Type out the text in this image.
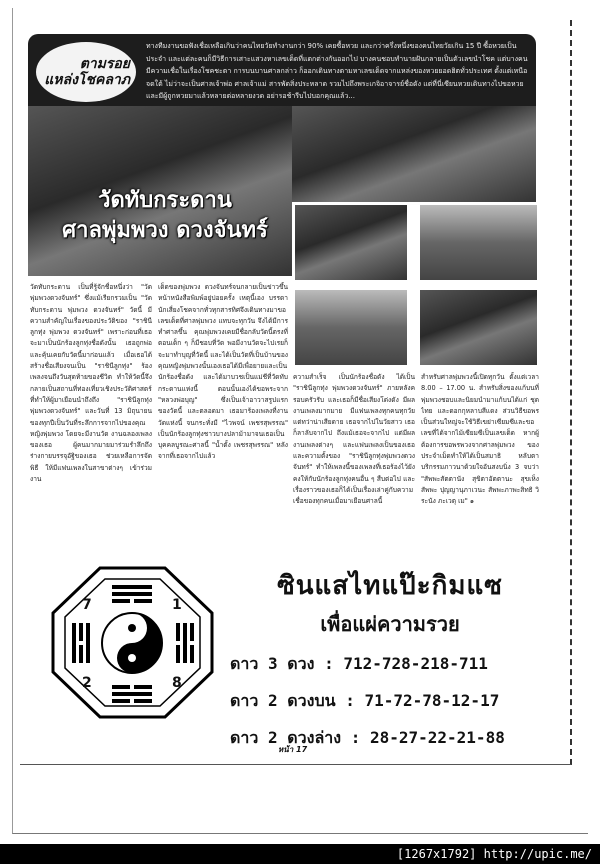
ตามรอย
แหล่งโชคลาภ
ทางทีมงานขอฟังเชื่อเหลือเกินว่าคนไทยวัยทำงานกว่า 90% เคยซื้อหวย และกว่าครึ่งหนึ่งของคนไทยวัยเกิน 15 ปี ซื้อหวยเป็นประจำ และแต่ละคนก็มีวิธีการเสาะแสวงหาเลขเด็ดที่แตกต่างกันออกไป บางคนชอบทำนายฝันกลายเป็นตัวเลขนำโชค แต่บางคนมีความเชื่อในเรื่องโชคชะตา การบนบานศาลกล่าว ก็ออกเดินทางตามหาเลขเด็ดจากแหล่งของหวยยอดฮิตทั่วประเทศ ตั้งแต่เหนือจดใต้ ไม่ว่าจะเป็นศาลเจ้าพ่อ ศาลเจ้าแม่ สารพัดสิ่งประหลาด รวมไปถึงพระเกจิอาจารย์ชื่อดัง แต่ที่นี่เซียนหวยเดินทางไปขอหวย และมีผู้ถูกหวยมาแล้วหลายต่อหลายงวด อย่ารอช้ารีบไปบอกคุณแล้ว...
วัดทับกระดาน
ศาลพุ่มพวง ดวงจันทร์
วัดทับกระดาน เป็นที่รู้จักชื่อหนึ่งว่า "วัดพุ่มพวงดวงจันทร์" ซึ่งแม้เรียกรวมเป็น "วัดทับกระดาน พุ่มพวง ดวงจันทร์" วัดนี้ มีความสำคัญในเรื่องของประวัติของ "ราชินีลูกทุ่ง พุ่มพวง ดวงจันทร์" เพราะก่อนที่เธอจะมาเป็นนักร้องลูกทุ่งชื่อดังนั้น เธอถูกพ่อและคุ้นเคยกับวัดนี้มาก่อนแล้ว เมื่อเธอได้สร้างชื่อเสียงจนเป็น "ราชินีลูกทุ่ง" ร้องเพลงจนถึงวันสุดท้ายของชีวิต ทำให้วัดนี้จึงกลายเป็นสถานที่ท่องเที่ยวเชิงประวัติศาสตร์ที่ทำให้ผู้มาเยือนนำถึงถึง "ราชินีลูกทุ่ง พุ่มพวงดวงจันทร์" และวันที่ 13 มิถุนายน ของทุกปีเป็นวันที่ระลึกการจากไปของคุณหญิงพุ่มพวง โดยจะมีงานวัด งานฉลองเพลงของเธอ ผู้คนมากมายมาร่วมรำลึกถึงร่างกายบรรจุอัฐิของเธอ ช่วยเหลือการจัดพิธี ให้มีแฟนเพลงในสาขาต่างๆ เข้าร่วมงาน
เด็ดของพุ่มพวง ดวงจันทร์จนกลายเป็นข่าวขึ้นหน้าหนังสือพิมพ์อยู่บ่อยครั้ง เหตุนี้เอง บรรดานักเสี่ยงโชคจากทั่วทุกสารทิศจึงเดินทางมาขอเลขเด็ดที่ศาลพุ่มพวง แทบจะทุกวัน จึงได้มีการทำศาลขึ้น คุณพุ่มพวงเคยมีชื่อกลับวัดนี้ตรงที่ ตอนเด็ก ๆ ก็มีชอบที่วัด พอมีงานวัดจะไปเรยก็จะมาทำบุญที่วัดนี้ และได้เป็นวัดที่เป็นบ้านของคุณหญิงพุ่มพวงนั้นเองเธอได้มีเพื่อยายและเป็นนักร้องชื่อดัง และได้มาบวชเป็นแม่ชีที่วัดทับกระดานแห่งนี้ ตอนนั้นเองได้ขอพระจาก "หลวงพ่อบุญ" ซึ่งเป็นเจ้าอาวาสรูปแรก ของวัดนี้ และตลอดมา เธอมาร้องเพลงที่งานวัดแห่งนี้ จนกระทั่งมี "ไวพจน์ เพชรสุพรรณ" เป็นนักร้องลูกทุ่งชาวบางปลาม้ามาจนเธอเป็นบุคคลบูรณะศาลนี้ "น้ำตั้ง เพชรสุพรรณ" หลังจากที่เธอจากไปแล้ว
ความสำเร็จ เป็นนักร้องชื่อดัง ได้เป็น "ราชินีลูกทุ่ง พุ่มพวงดวงจันทร์" ภายหลังครอบครัวรับ และเธอก็มีชื่อเสียงโด่งดัง มีผลงานเพลงมากมาย มีแฟนเพลงทุกคนทุกวัย แต่ทว่าน่าเสียดาย เธอจากไปในวัยสาว เธอก็ลาลับจากไป ถึงแม้เธอจะจากไป แต่มีผลงานเพลงต่างๆ และแฟนเพลงเป็นของเธอ และความตั้งของ "ราชินีลูกทุ่งพุ่มพวงดวงจันทร์" ทำให้เพลงนี้ของเพลงที่เธอร้องไว้ยังคงให้กับนักร้องลูกทุ่งคนอื่น ๆ สืบต่อไป และเรื่องราวของเธอก็ได้เป็นเรื่องเล่าคู่กับความเชื่อของทุกคนเมื่อมาเยือนศาลนี้
สำหรับศาลพุ่มพวงนี้เปิดทุกวัน ตั้งแต่เวลา 8.00 – 17.00 น. สำหรับสิ่งของแก้บนที่พุ่มพวงชอบและนิยมนำมาแก้บนได้แก่ ชุดไทย และดอกกุหลาบสีแดง ส่วนวิธีขอพรเป็นส่วนใหญ่จะใช้วิธีเขย่าเซียมซีและขอเลขที่ได้จากไม้เซียมซีเป็นเลขเด็ด หากผู้ต้องการขอพรพวงจากศาลพุ่มพวง ของประจำเม็ดทำให้ได้เป็นสมาธิ หลับตา บริกรรมภาวนาด้วยใจอันสงบนิ่ง 3 จบว่า "สัพพะสัตตานัง สุขิตาอัตตานะ สุขเห็ง สัพพะ ปุญญานุภาเวนะ สัพพะภาพะสิทธิ วิระนัง ภะเวตุ เม" ๑
7	1
2	8
ซินแสไทแป๊ะกิมแซ
เพื่อแผ่ความรวย
ดาว 3 ดวง : 712-728-218-711
ดาว 2 ดวงบน : 71-72-78-12-17
ดาว 2 ดวงล่าง : 28-27-22-21-88
หน้า 17
[1267x1792] http://upic.me/
